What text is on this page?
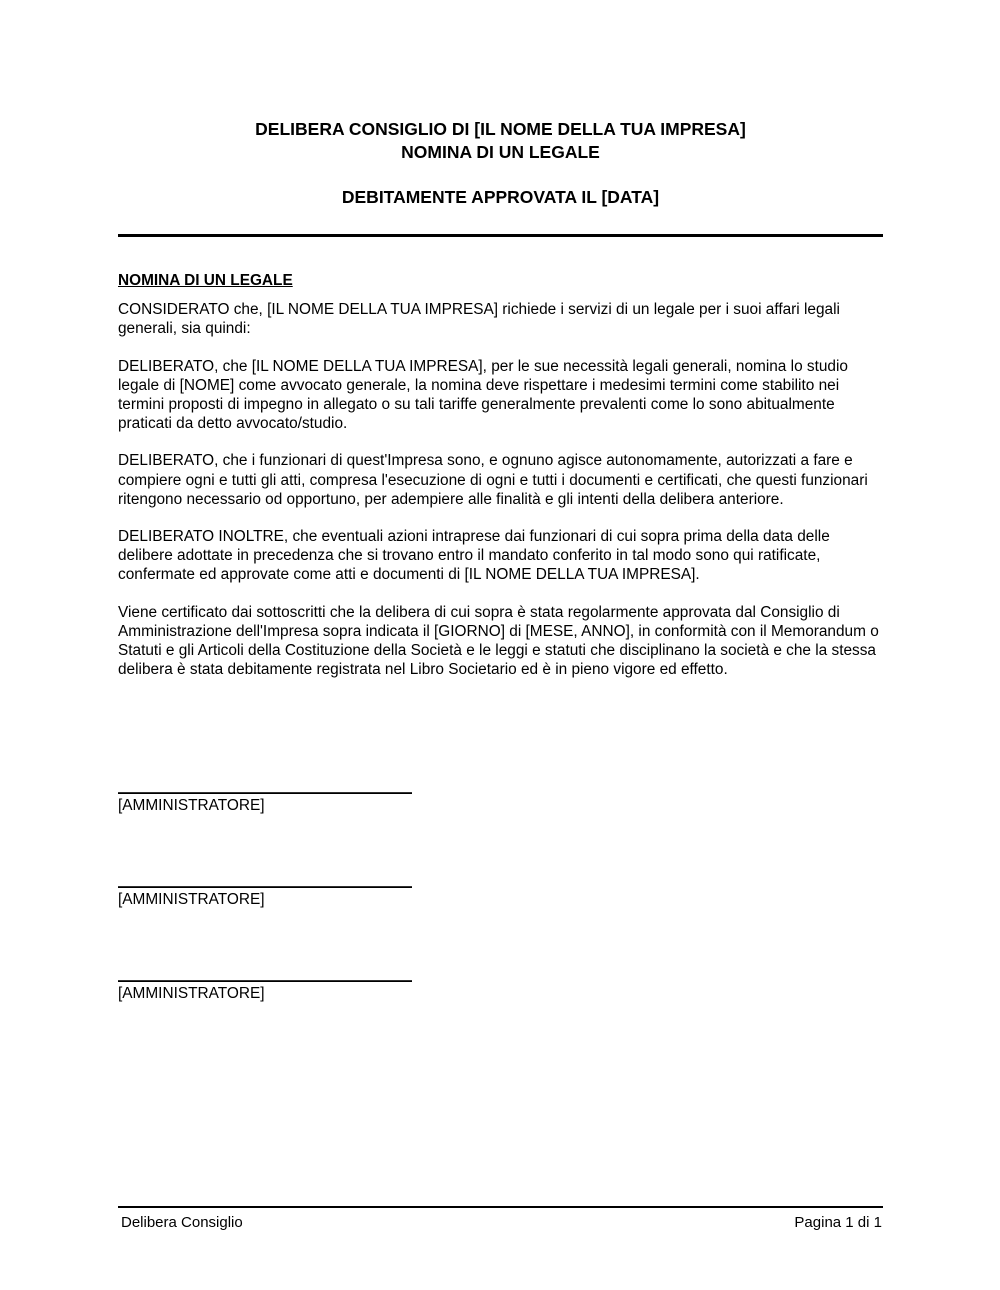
DELIBERA CONSIGLIO DI [IL NOME DELLA TUA IMPRESA]
NOMINA DI UN LEGALE
DEBITAMENTE APPROVATA IL [DATA]

NOMINA DI UN LEGALE

CONSIDERATO che, [IL NOME DELLA TUA IMPRESA] richiede i servizi di un legale per i suoi affari legali generali, sia quindi:

DELIBERATO, che [IL NOME DELLA TUA IMPRESA], per le sue necessità legali generali, nomina lo studio legale di [NOME] come avvocato generale, la nomina deve rispettare i medesimi termini come stabilito nei termini proposti di impegno in allegato o su tali tariffe generalmente prevalenti come lo sono abitualmente praticati da detto avvocato/studio.

DELIBERATO, che i funzionari di quest'Impresa sono, e ognuno agisce autonomamente, autorizzati a fare e compiere ogni e tutti gli atti, compresa l'esecuzione di ogni e tutti i documenti e certificati, che questi funzionari ritengono necessario od opportuno, per adempiere alle finalità e gli intenti della delibera anteriore.

DELIBERATO INOLTRE, che eventuali azioni intraprese dai funzionari di cui sopra prima della data delle delibere adottate in precedenza che si trovano entro il mandato conferito in tal modo sono qui ratificate, confermate ed approvate come atti e documenti di [IL NOME DELLA TUA IMPRESA].

Viene certificato dai sottoscritti che la delibera di cui sopra è stata regolarmente approvata dal Consiglio di Amministrazione dell'Impresa sopra indicata il [GIORNO] di [MESE, ANNO], in conformità con il Memorandum o Statuti e gli Articoli della Costituzione della Società e le leggi e statuti che disciplinano la società e che la stessa delibera è stata debitamente registrata nel Libro Societario ed è in pieno vigore ed effetto.

[AMMINISTRATORE]
[AMMINISTRATORE]
[AMMINISTRATORE]
Delibera Consiglio	Pagina 1 di 1
